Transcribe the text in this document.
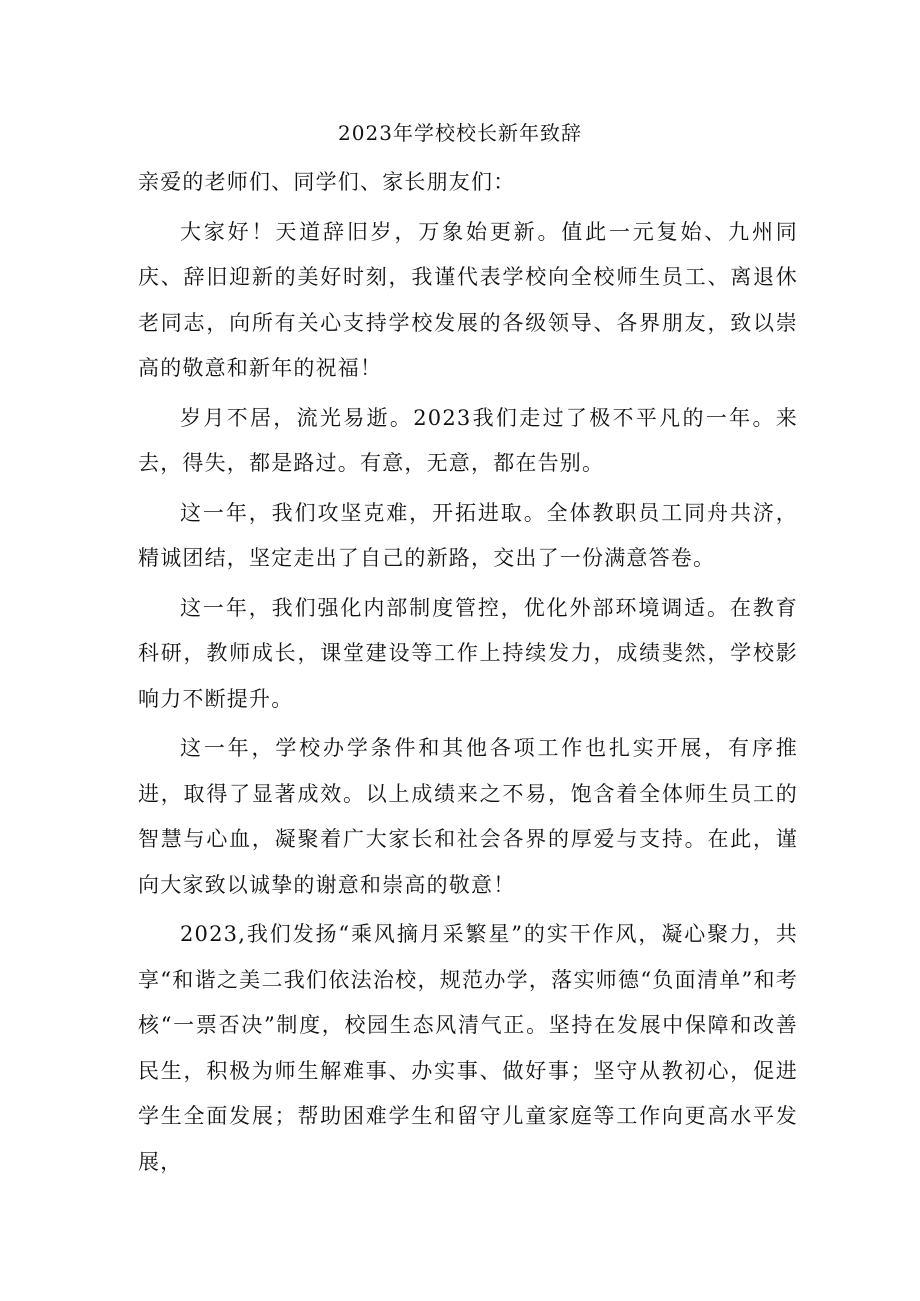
2023年学校校长新年致辞

亲爱的老师们、同学们、家长朋友们：

大家好！天道辞旧岁，万象始更新。值此一元复始、九州同庆、辞旧迎新的美好时刻，我谨代表学校向全校师生员工、离退休老同志，向所有关心支持学校发展的各级领导、各界朋友，致以崇高的敬意和新年的祝福！

岁月不居，流光易逝。2023我们走过了极不平凡的一年。来去，得失，都是路过。有意，无意，都在告别。

这一年，我们攻坚克难，开拓进取。全体教职员工同舟共济，精诚团结，坚定走出了自己的新路，交出了一份满意答卷。

这一年，我们强化内部制度管控，优化外部环境调适。在教育科研，教师成长，课堂建设等工作上持续发力，成绩斐然，学校影响力不断提升。

这一年，学校办学条件和其他各项工作也扎实开展，有序推进，取得了显著成效。以上成绩来之不易，饱含着全体师生员工的智慧与心血，凝聚着广大家长和社会各界的厚爱与支持。在此，谨向大家致以诚挚的谢意和崇高的敬意！

2023,我们发扬“乘风摘月采繁星”的实干作风，凝心聚力，共享“和谐之美二我们依法治校，规范办学，落实师德“负面清单”和考核“一票否决”制度，校园生态风清气正。坚持在发展中保障和改善民生，积极为师生解难事、办实事、做好事；坚守从教初心，促进学生全面发展；帮助困难学生和留守儿童家庭等工作向更高水平发展，
